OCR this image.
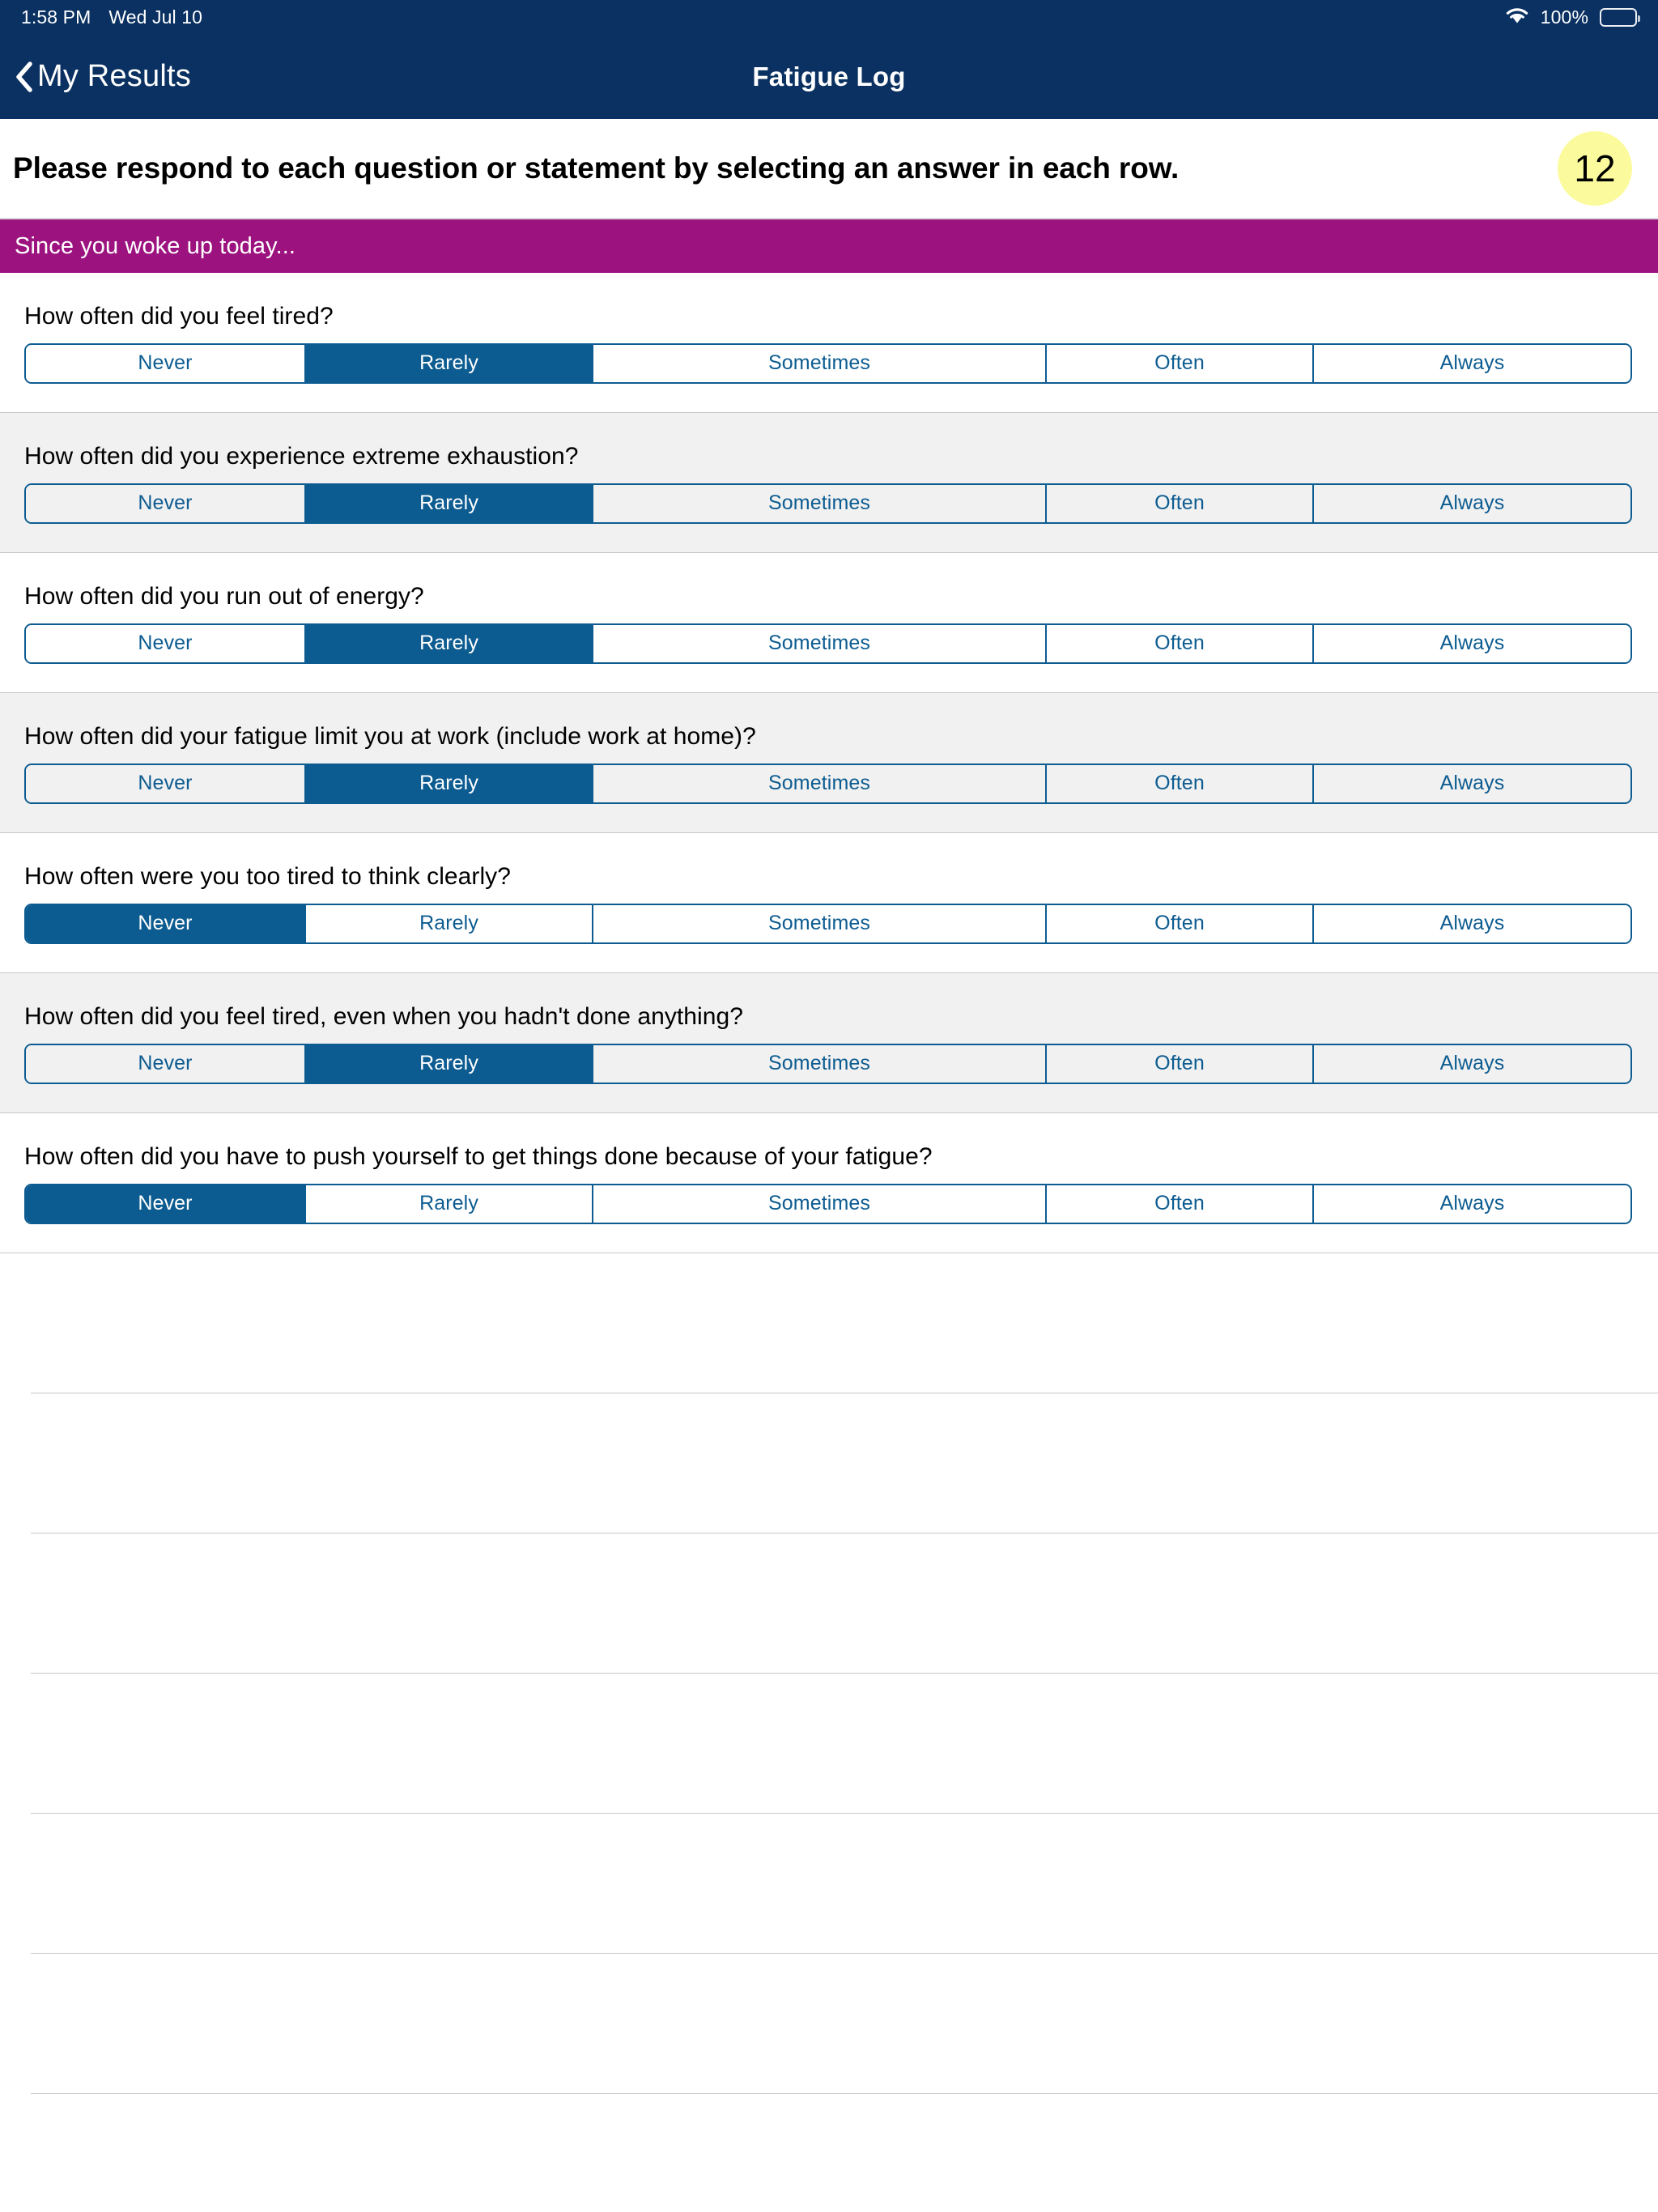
1:58 PM Wed Jul 10	100%
My Results	Fatigue Log
Please respond to each question or statement by selecting an answer in each row.	12
Since you woke up today...
How often did you feel tired?
Never	Rarely	Sometimes	Often	Always
How often did you experience extreme exhaustion?
Never	Rarely	Sometimes	Often	Always
How often did you run out of energy?
Never	Rarely	Sometimes	Often	Always
How often did your fatigue limit you at work (include work at home)?
Never	Rarely	Sometimes	Often	Always
How often were you too tired to think clearly?
Never	Rarely	Sometimes	Often	Always
How often did you feel tired, even when you hadn't done anything?
Never	Rarely	Sometimes	Often	Always
How often did you have to push yourself to get things done because of your fatigue?
Never	Rarely	Sometimes	Often	Always
